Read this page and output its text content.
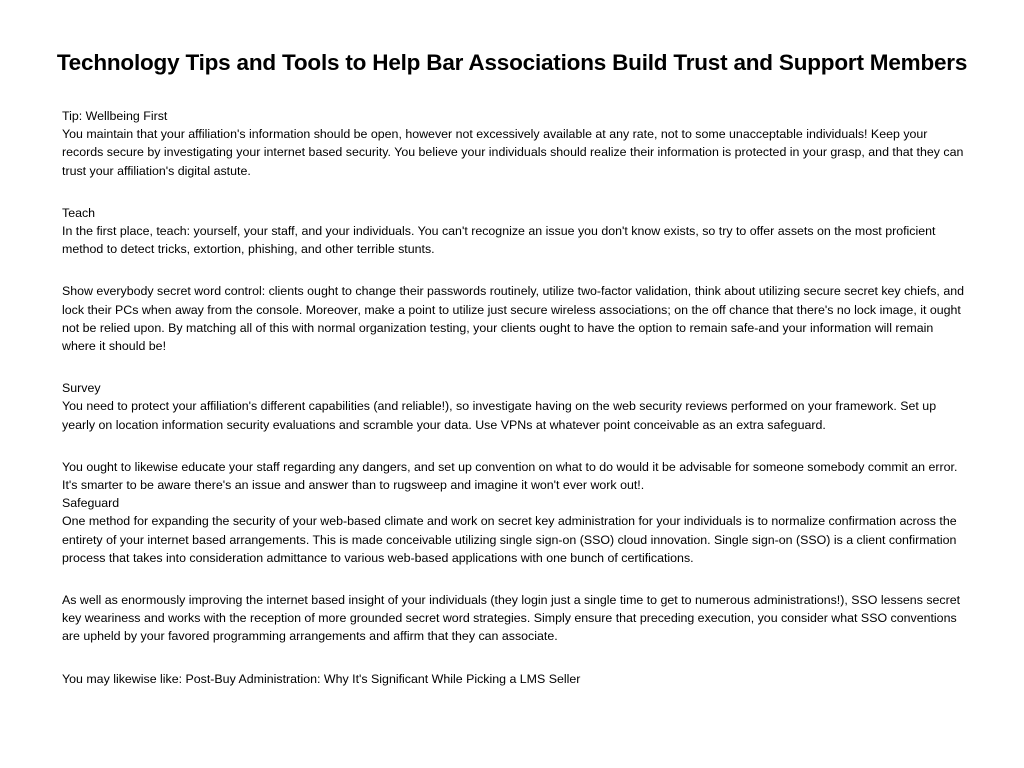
Technology Tips and Tools to Help Bar Associations Build Trust and Support Members

Tip: Wellbeing First

You maintain that your affiliation's information should be open, however not excessively available at any rate, not to some unacceptable individuals! Keep your records secure by investigating your internet based security. You believe your individuals should realize their information is protected in your grasp, and that they can trust your affiliation's digital astute.

Teach

In the first place, teach: yourself, your staff, and your individuals. You can't recognize an issue you don't know exists, so try to offer assets on the most proficient method to detect tricks, extortion, phishing, and other terrible stunts.

Show everybody secret word control: clients ought to change their passwords routinely, utilize two-factor validation, think about utilizing secure secret key chiefs, and lock their PCs when away from the console. Moreover, make a point to utilize just secure wireless associations; on the off chance that there's no lock image, it ought not be relied upon. By matching all of this with normal organization testing, your clients ought to have the option to remain safe-and your information will remain where it should be!

Survey

You need to protect your affiliation's different capabilities (and reliable!), so investigate having on the web security reviews performed on your framework. Set up yearly on location information security evaluations and scramble your data. Use VPNs at whatever point conceivable as an extra safeguard.

You ought to likewise educate your staff regarding any dangers, and set up convention on what to do would it be advisable for someone somebody commit an error. It's smarter to be aware there's an issue and answer than to rugsweep and imagine it won't ever work out!.

Safeguard

One method for expanding the security of your web-based climate and work on secret key administration for your individuals is to normalize confirmation across the entirety of your internet based arrangements. This is made conceivable utilizing single sign-on (SSO) cloud innovation. Single sign-on (SSO) is a client confirmation process that takes into consideration admittance to various web-based applications with one bunch of certifications.

As well as enormously improving the internet based insight of your individuals (they login just a single time to get to numerous administrations!), SSO lessens secret key weariness and works with the reception of more grounded secret word strategies. Simply ensure that preceding execution, you consider what SSO conventions are upheld by your favored programming arrangements and affirm that they can associate.

You may likewise like: Post-Buy Administration: Why It's Significant While Picking a LMS Seller
